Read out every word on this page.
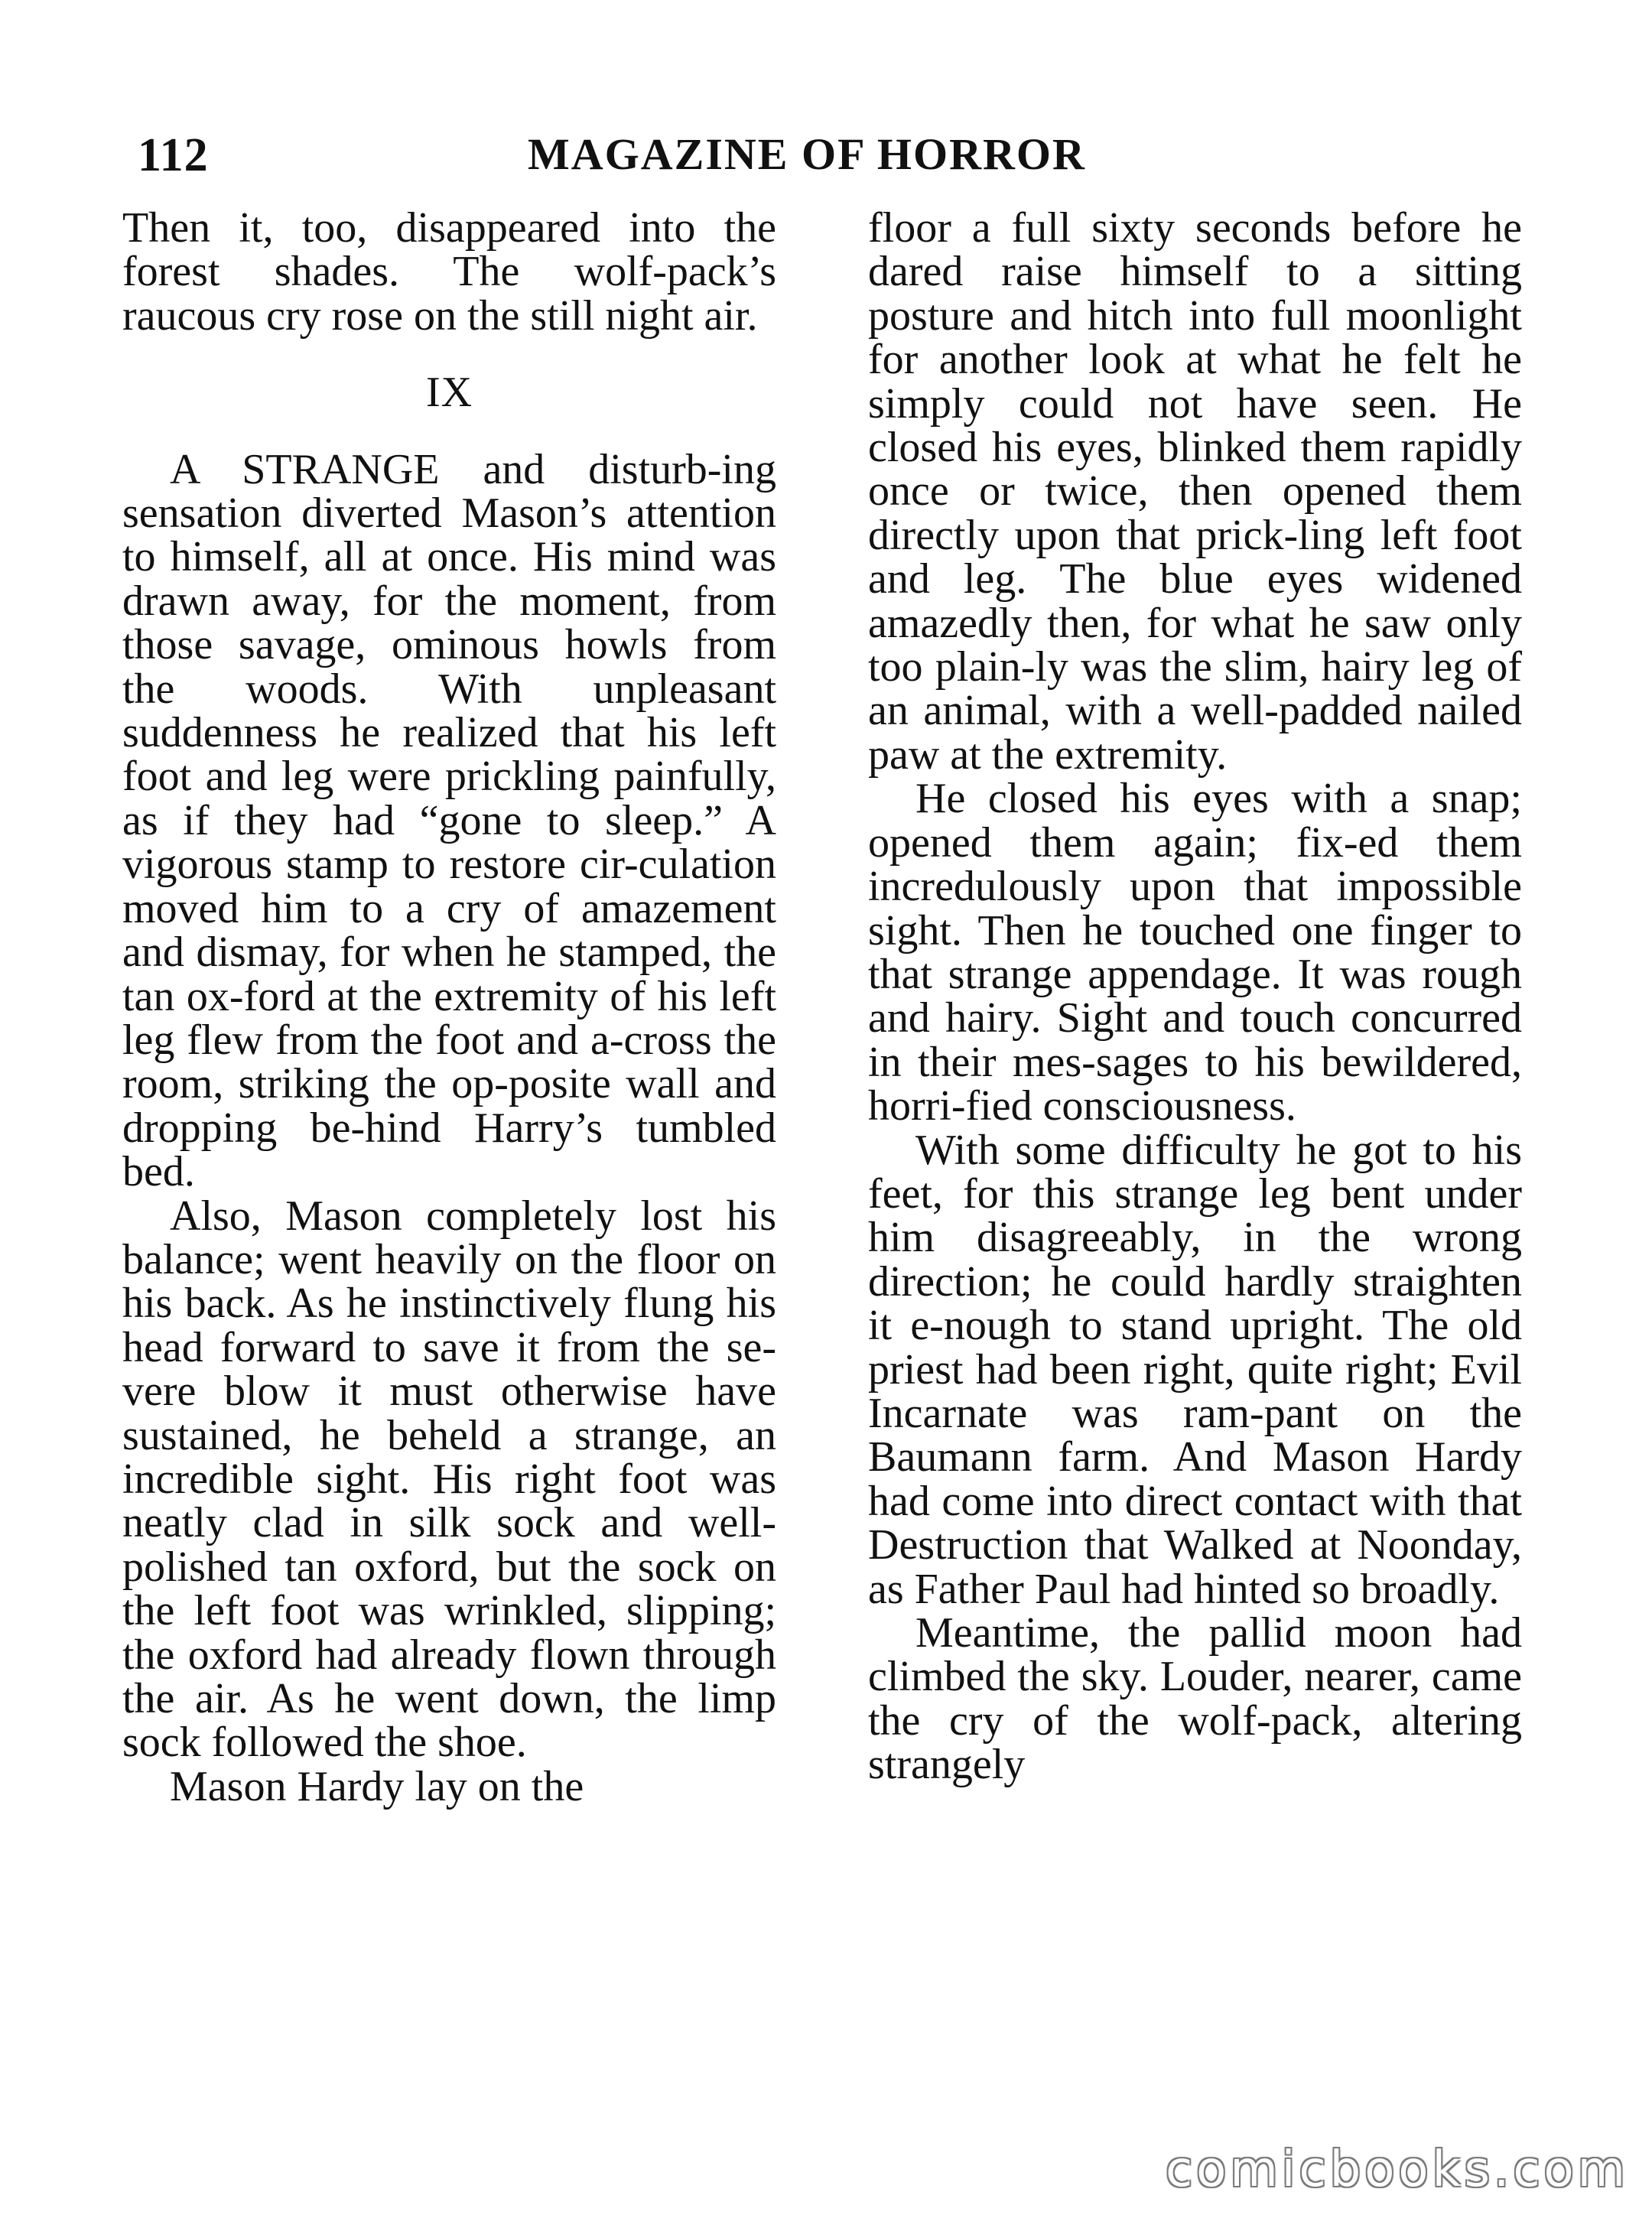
112	MAGAZINE OF HORROR

Then it, too, disappeared into the forest shades. The wolf-pack’s raucous cry rose on the still night air.

IX

A STRANGE and disturb-ing sensation diverted Mason’s attention to himself, all at once. His mind was drawn away, for the moment, from those savage, ominous howls from the woods. With unpleasant suddenness he realized that his left foot and leg were prickling painfully, as if they had “gone to sleep.” A vigorous stamp to restore cir-culation moved him to a cry of amazement and dismay, for when he stamped, the tan ox-ford at the extremity of his left leg flew from the foot and a-cross the room, striking the op-posite wall and dropping be-hind Harry’s tumbled bed.

Also, Mason completely lost his balance; went heavily on the floor on his back. As he instinctively flung his head forward to save it from the se-vere blow it must otherwise have sustained, he beheld a strange, an incredible sight. His right foot was neatly clad in silk sock and well-polished tan oxford, but the sock on the left foot was wrinkled, slipping; the oxford had already flown through the air. As he went down, the limp sock followed the shoe.

Mason Hardy lay on the

floor a full sixty seconds before he dared raise himself to a sitting posture and hitch into full moonlight for another look at what he felt he simply could not have seen. He closed his eyes, blinked them rapidly once or twice, then opened them directly upon that prick-ling left foot and leg. The blue eyes widened amazedly then, for what he saw only too plain-ly was the slim, hairy leg of an animal, with a well-padded nailed paw at the extremity.

He closed his eyes with a snap; opened them again; fix-ed them incredulously upon that impossible sight. Then he touched one finger to that strange appendage. It was rough and hairy. Sight and touch concurred in their mes-sages to his bewildered, horri-fied consciousness.

With some difficulty he got to his feet, for this strange leg bent under him disagreeably, in the wrong direction; he could hardly straighten it e-nough to stand upright. The old priest had been right, quite right; Evil Incarnate was ram-pant on the Baumann farm. And Mason Hardy had come into direct contact with that Destruction that Walked at Noonday, as Father Paul had hinted so broadly.

Meantime, the pallid moon had climbed the sky. Louder, nearer, came the cry of the wolf-pack, altering strangely

comicbooks.com
